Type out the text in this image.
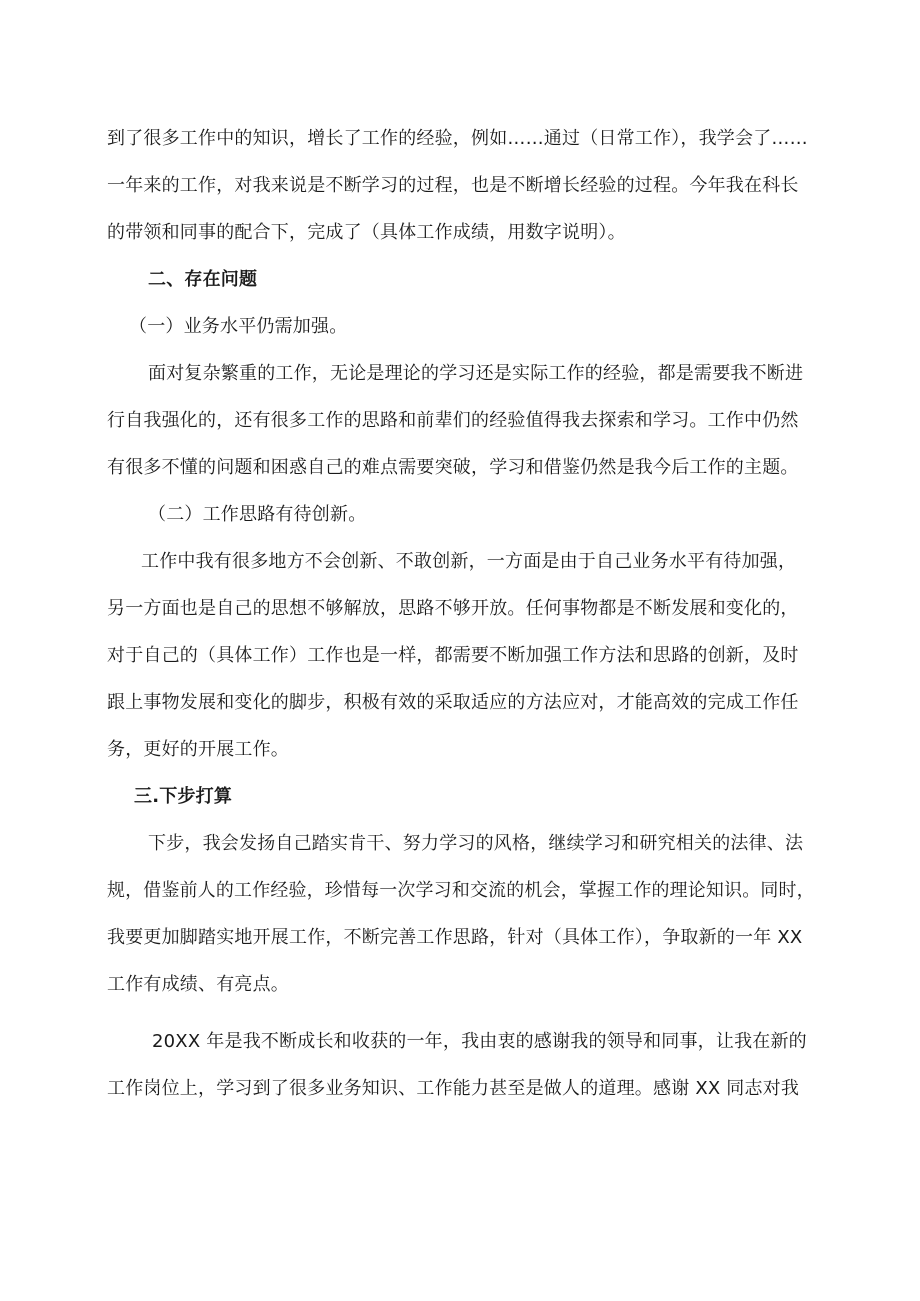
到了很多工作中的知识，增长了工作的经验，例如……通过（日常工作），我学会了……
一年来的工作，对我来说是不断学习的过程，也是不断增长经验的过程。今年我在科长
的带领和同事的配合下，完成了（具体工作成绩，用数字说明）。
二、存在问题
（一）业务水平仍需加强。
面对复杂繁重的工作，无论是理论的学习还是实际工作的经验，都是需要我不断进
行自我强化的，还有很多工作的思路和前辈们的经验值得我去探索和学习。工作中仍然
有很多不懂的问题和困惑自己的难点需要突破，学习和借鉴仍然是我今后工作的主题。
（二）工作思路有待创新。
工作中我有很多地方不会创新、不敢创新，一方面是由于自己业务水平有待加强，
另一方面也是自己的思想不够解放，思路不够开放。任何事物都是不断发展和变化的，
对于自己的（具体工作）工作也是一样，都需要不断加强工作方法和思路的创新，及时
跟上事物发展和变化的脚步，积极有效的采取适应的方法应对，才能高效的完成工作任
务，更好的开展工作。
三.下步打算
下步，我会发扬自己踏实肯干、努力学习的风格，继续学习和研究相关的法律、法
规，借鉴前人的工作经验，珍惜每一次学习和交流的机会，掌握工作的理论知识。同时，
我要更加脚踏实地开展工作，不断完善工作思路，针对（具体工作），争取新的一年 XX
工作有成绩、有亮点。
20XX 年是我不断成长和收获的一年，我由衷的感谢我的领导和同事，让我在新的
工作岗位上，学习到了很多业务知识、工作能力甚至是做人的道理。感谢 XX 同志对我
